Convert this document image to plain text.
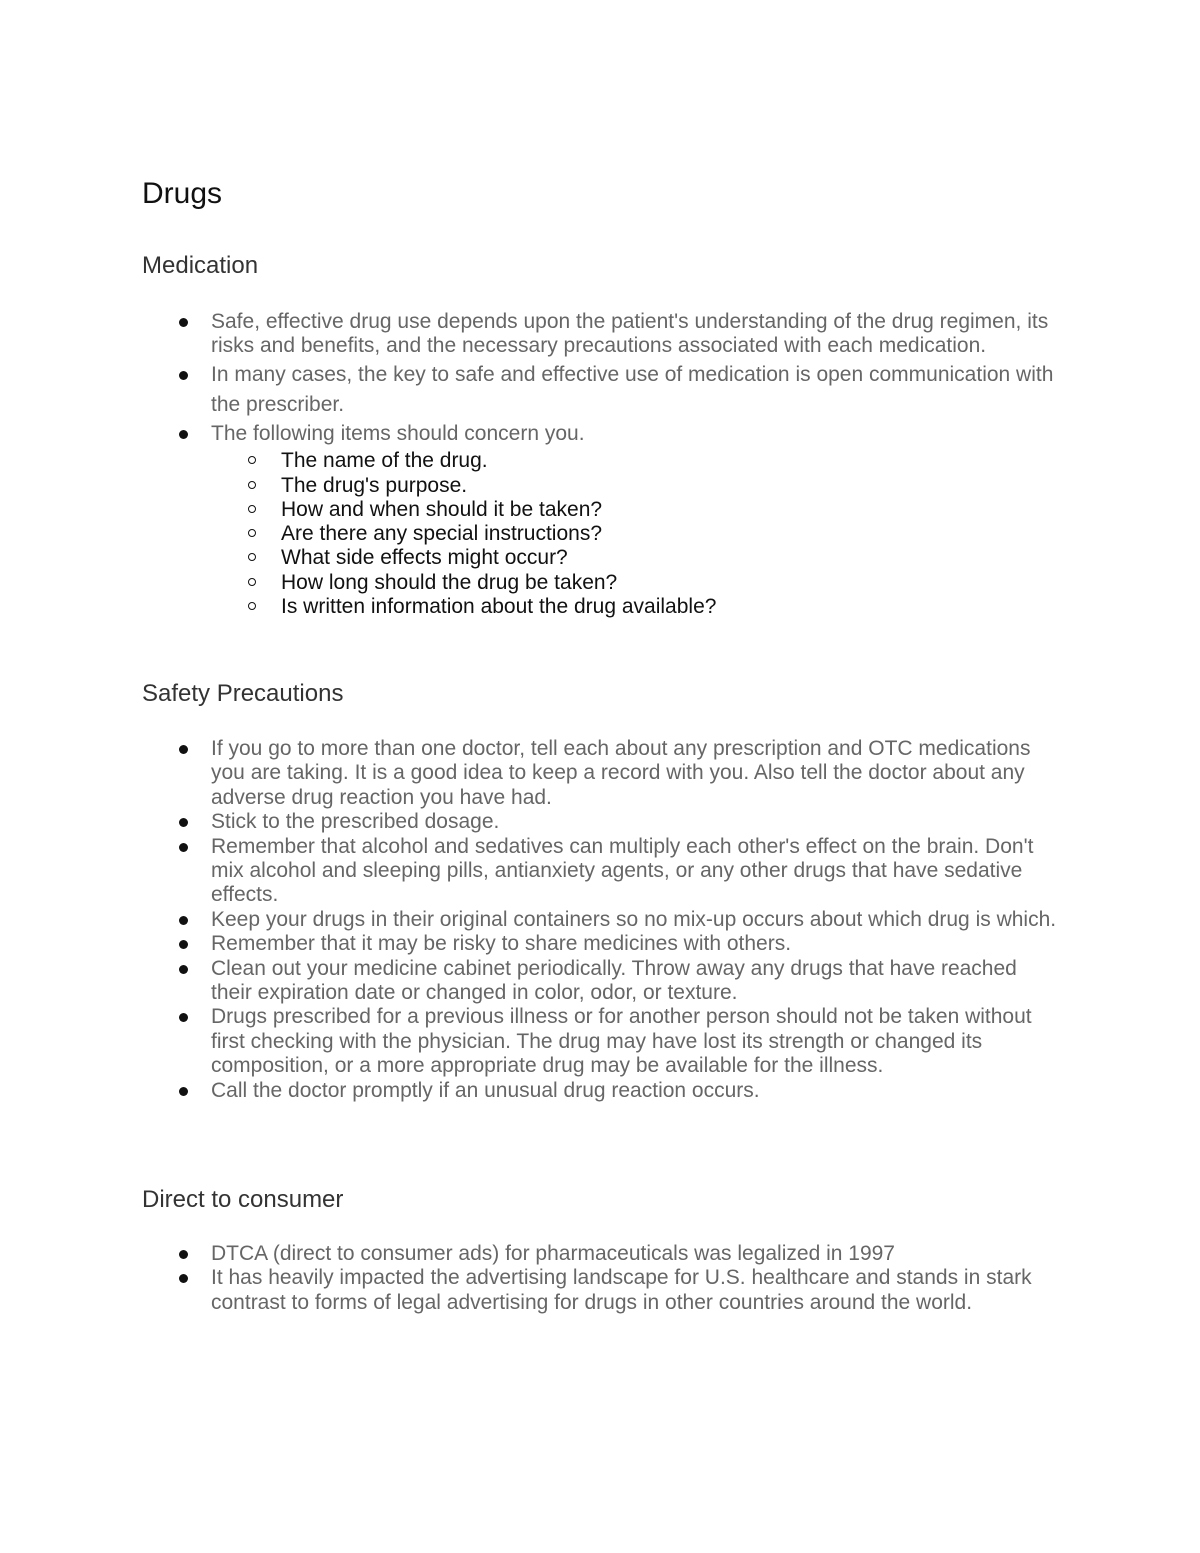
Drugs
Medication
Safe, effective drug use depends upon the patient's understanding of the drug regimen, its risks and benefits, and the necessary precautions associated with each medication.
In many cases, the key to safe and effective use of medication is open communication with the prescriber.
The following items should concern you.
The name of the drug.
The drug's purpose.
How and when should it be taken?
Are there any special instructions?
What side effects might occur?
How long should the drug be taken?
Is written information about the drug available?
Safety Precautions
If you go to more than one doctor, tell each about any prescription and OTC medications you are taking. It is a good idea to keep a record with you. Also tell the doctor about any adverse drug reaction you have had.
Stick to the prescribed dosage.
Remember that alcohol and sedatives can multiply each other's effect on the brain. Don't mix alcohol and sleeping pills, antianxiety agents, or any other drugs that have sedative effects.
Keep your drugs in their original containers so no mix-up occurs about which drug is which.
Remember that it may be risky to share medicines with others.
Clean out your medicine cabinet periodically. Throw away any drugs that have reached their expiration date or changed in color, odor, or texture.
Drugs prescribed for a previous illness or for another person should not be taken without first checking with the physician. The drug may have lost its strength or changed its composition, or a more appropriate drug may be available for the illness.
Call the doctor promptly if an unusual drug reaction occurs.
Direct to consumer
DTCA (direct to consumer ads) for pharmaceuticals was legalized in 1997
It has heavily impacted the advertising landscape for U.S. healthcare and stands in stark contrast to forms of legal advertising for drugs in other countries around the world.
